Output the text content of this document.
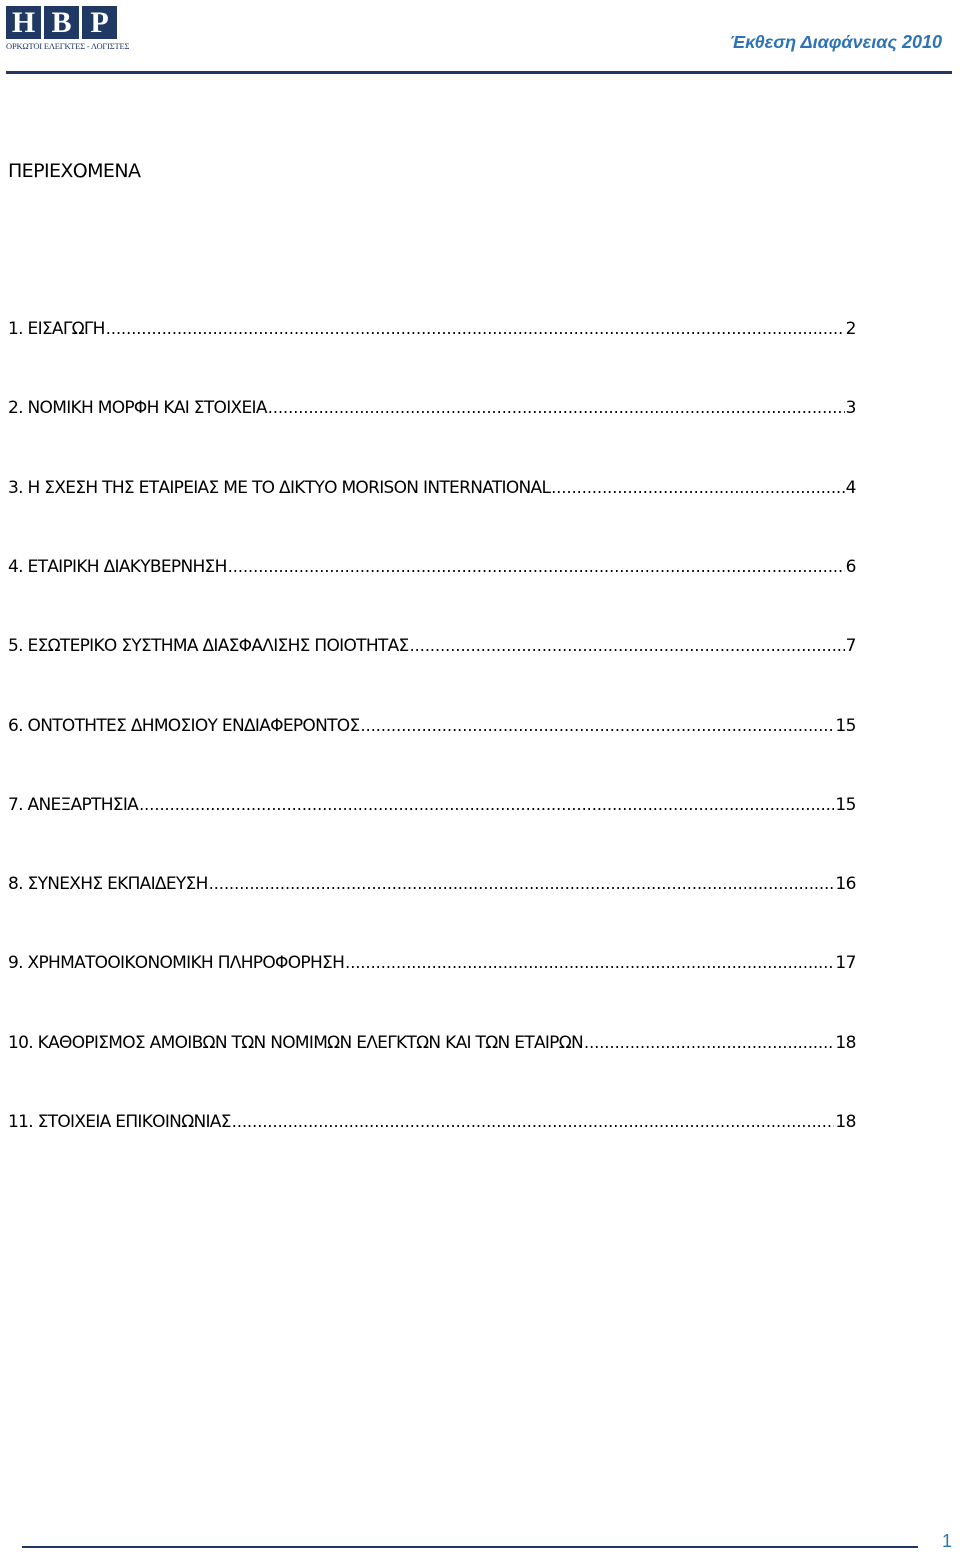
H B P
ΟΡΚΩΤΟΙ ΕΛΕΓΚΤΕΣ - ΛΟΓΙΣΤΕΣ	Έκθεση Διαφάνειας 2010
ΠΕΡΙΕΧΟΜΕΝΑ
1. ΕΙΣΑΓΩΓΗ .....	2
2. ΝΟΜΙΚΗ ΜΟΡΦΗ ΚΑΙ ΣΤΟΙΧΕΙΑ .....	3
3. Η ΣΧΕΣΗ ΤΗΣ ΕΤΑΙΡΕΙΑΣ ΜΕ ΤΟ ΔΙΚΤΥΟ MORISON INTERNATIONAL .....	4
4. ΕΤΑΙΡΙΚΗ ΔΙΑΚΥΒΕΡΝΗΣΗ .....	6
5. ΕΣΩΤΕΡΙΚΟ ΣΥΣΤΗΜΑ ΔΙΑΣΦΑΛΙΣΗΣ ΠΟΙΟΤΗΤΑΣ .....	7
6. ΟΝΤΟΤΗΤΕΣ ΔΗΜΟΣΙΟΥ ΕΝΔΙΑΦΕΡΟΝΤΟΣ .....	15
7. ΑΝΕΞΑΡΤΗΣΙΑ .....	15
8. ΣΥΝΕΧΗΣ ΕΚΠΑΙΔΕΥΣΗ .....	16
9. ΧΡΗΜΑΤΟΟΙΚΟΝΟΜΙΚΗ ΠΛΗΡΟΦΟΡΗΣΗ .....	17
10. ΚΑΘΟΡΙΣΜΟΣ ΑΜΟΙΒΩΝ ΤΩΝ ΝΟΜΙΜΩΝ ΕΛΕΓΚΤΩΝ ΚΑΙ ΤΩΝ ΕΤΑΙΡΩΝ .....	18
11. ΣΤΟΙΧΕΙΑ ΕΠΙΚΟΙΝΩΝΙΑΣ .....	18
1
